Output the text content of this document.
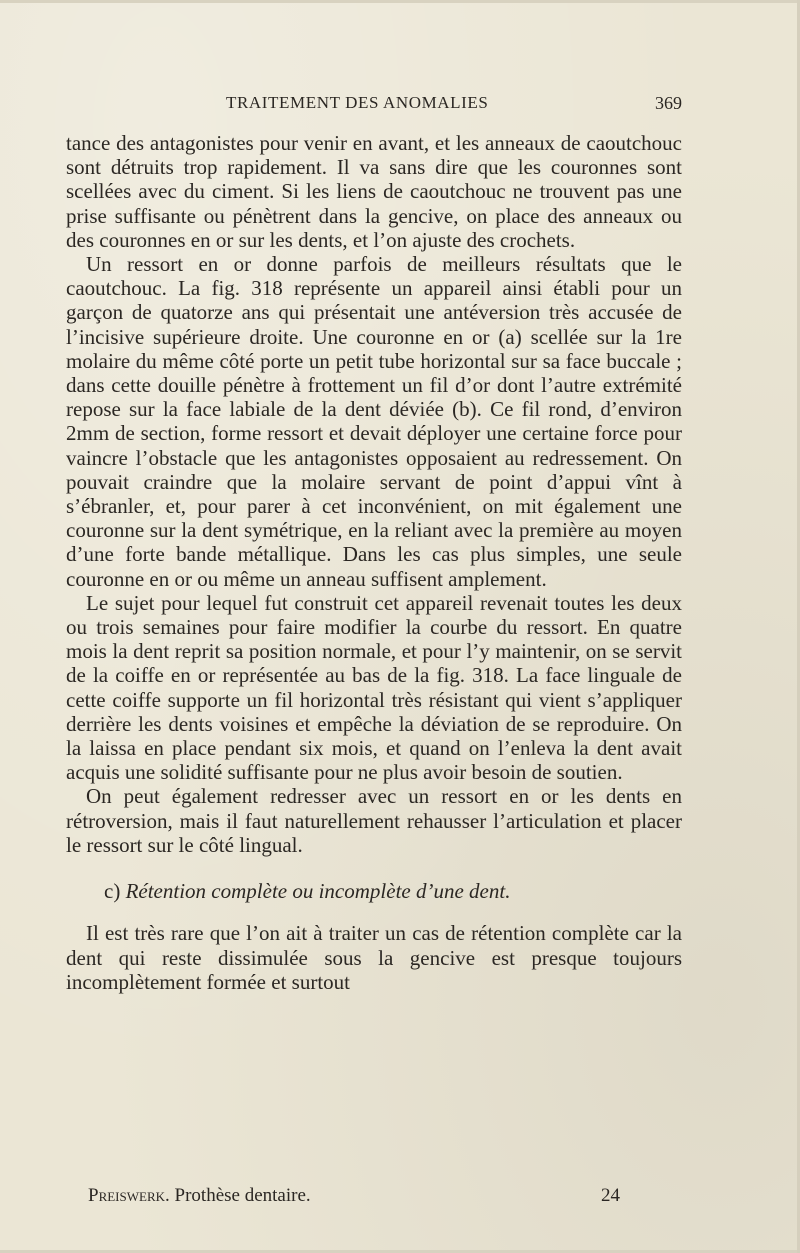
TRAITEMENT DES ANOMALIES	369

tance des antagonistes pour venir en avant, et les anneaux de caoutchouc sont détruits trop rapidement. Il va sans dire que les couronnes sont scellées avec du ciment. Si les liens de caoutchouc ne trouvent pas une prise suffisante ou pénètrent dans la gencive, on place des anneaux ou des couronnes en or sur les dents, et l’on ajuste des crochets.

Un ressort en or donne parfois de meilleurs résultats que le caoutchouc. La fig. 318 représente un appareil ainsi établi pour un garçon de quatorze ans qui présentait une antéversion très accusée de l’incisive supérieure droite. Une couronne en or (a) scellée sur la 1re molaire du même côté porte un petit tube horizontal sur sa face buccale ; dans cette douille pénètre à frottement un fil d’or dont l’autre extrémité repose sur la face labiale de la dent déviée (b). Ce fil rond, d’environ 2mm de section, forme ressort et devait déployer une certaine force pour vaincre l’obstacle que les antagonistes opposaient au redressement. On pouvait craindre que la molaire servant de point d’appui vînt à s’ébranler, et, pour parer à cet inconvénient, on mit également une couronne sur la dent symétrique, en la reliant avec la première au moyen d’une forte bande métallique. Dans les cas plus simples, une seule couronne en or ou même un anneau suffisent amplement.

Le sujet pour lequel fut construit cet appareil revenait toutes les deux ou trois semaines pour faire modifier la courbe du ressort. En quatre mois la dent reprit sa position normale, et pour l’y maintenir, on se servit de la coiffe en or représentée au bas de la fig. 318. La face linguale de cette coiffe supporte un fil horizontal très résistant qui vient s’appliquer derrière les dents voisines et empêche la déviation de se reproduire. On la laissa en place pendant six mois, et quand on l’enleva la dent avait acquis une solidité suffisante pour ne plus avoir besoin de soutien.

On peut également redresser avec un ressort en or les dents en rétroversion, mais il faut naturellement rehausser l’articulation et placer le ressort sur le côté lingual.

c) Rétention complète ou incomplète d’une dent.

Il est très rare que l’on ait à traiter un cas de rétention complète car la dent qui reste dissimulée sous la gencive est presque toujours incomplètement formée et surtout

Preiswerk. Prothèse dentaire.	24
